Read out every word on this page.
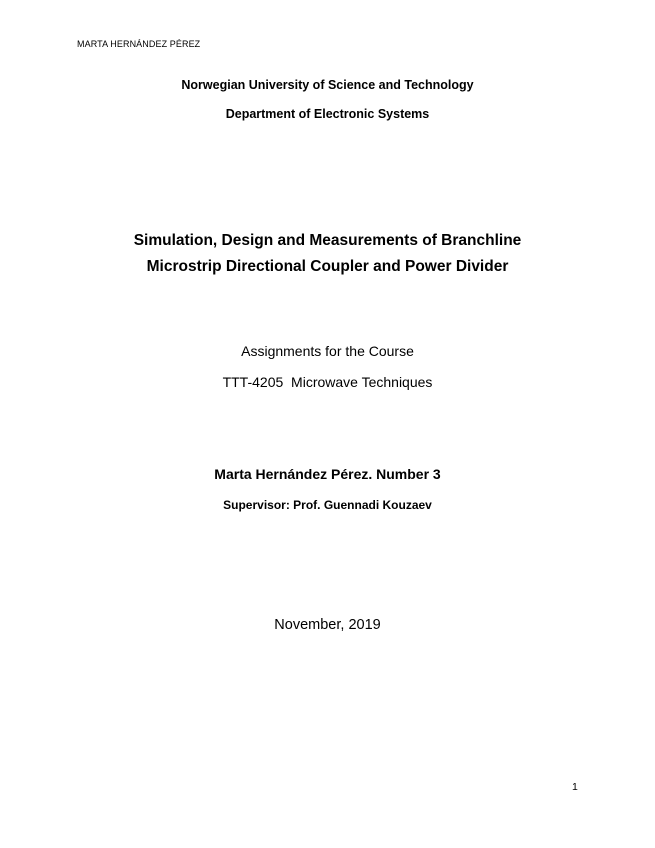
MARTA HERNÁNDEZ PÉREZ
Norwegian University of Science and Technology
Department of Electronic Systems
Simulation, Design and Measurements of Branchline
Microstrip Directional Coupler and Power Divider
Assignments for the Course
TTT-4205  Microwave Techniques
Marta Hernández Pérez. Number 3
Supervisor: Prof. Guennadi Kouzaev
November, 2019
1
